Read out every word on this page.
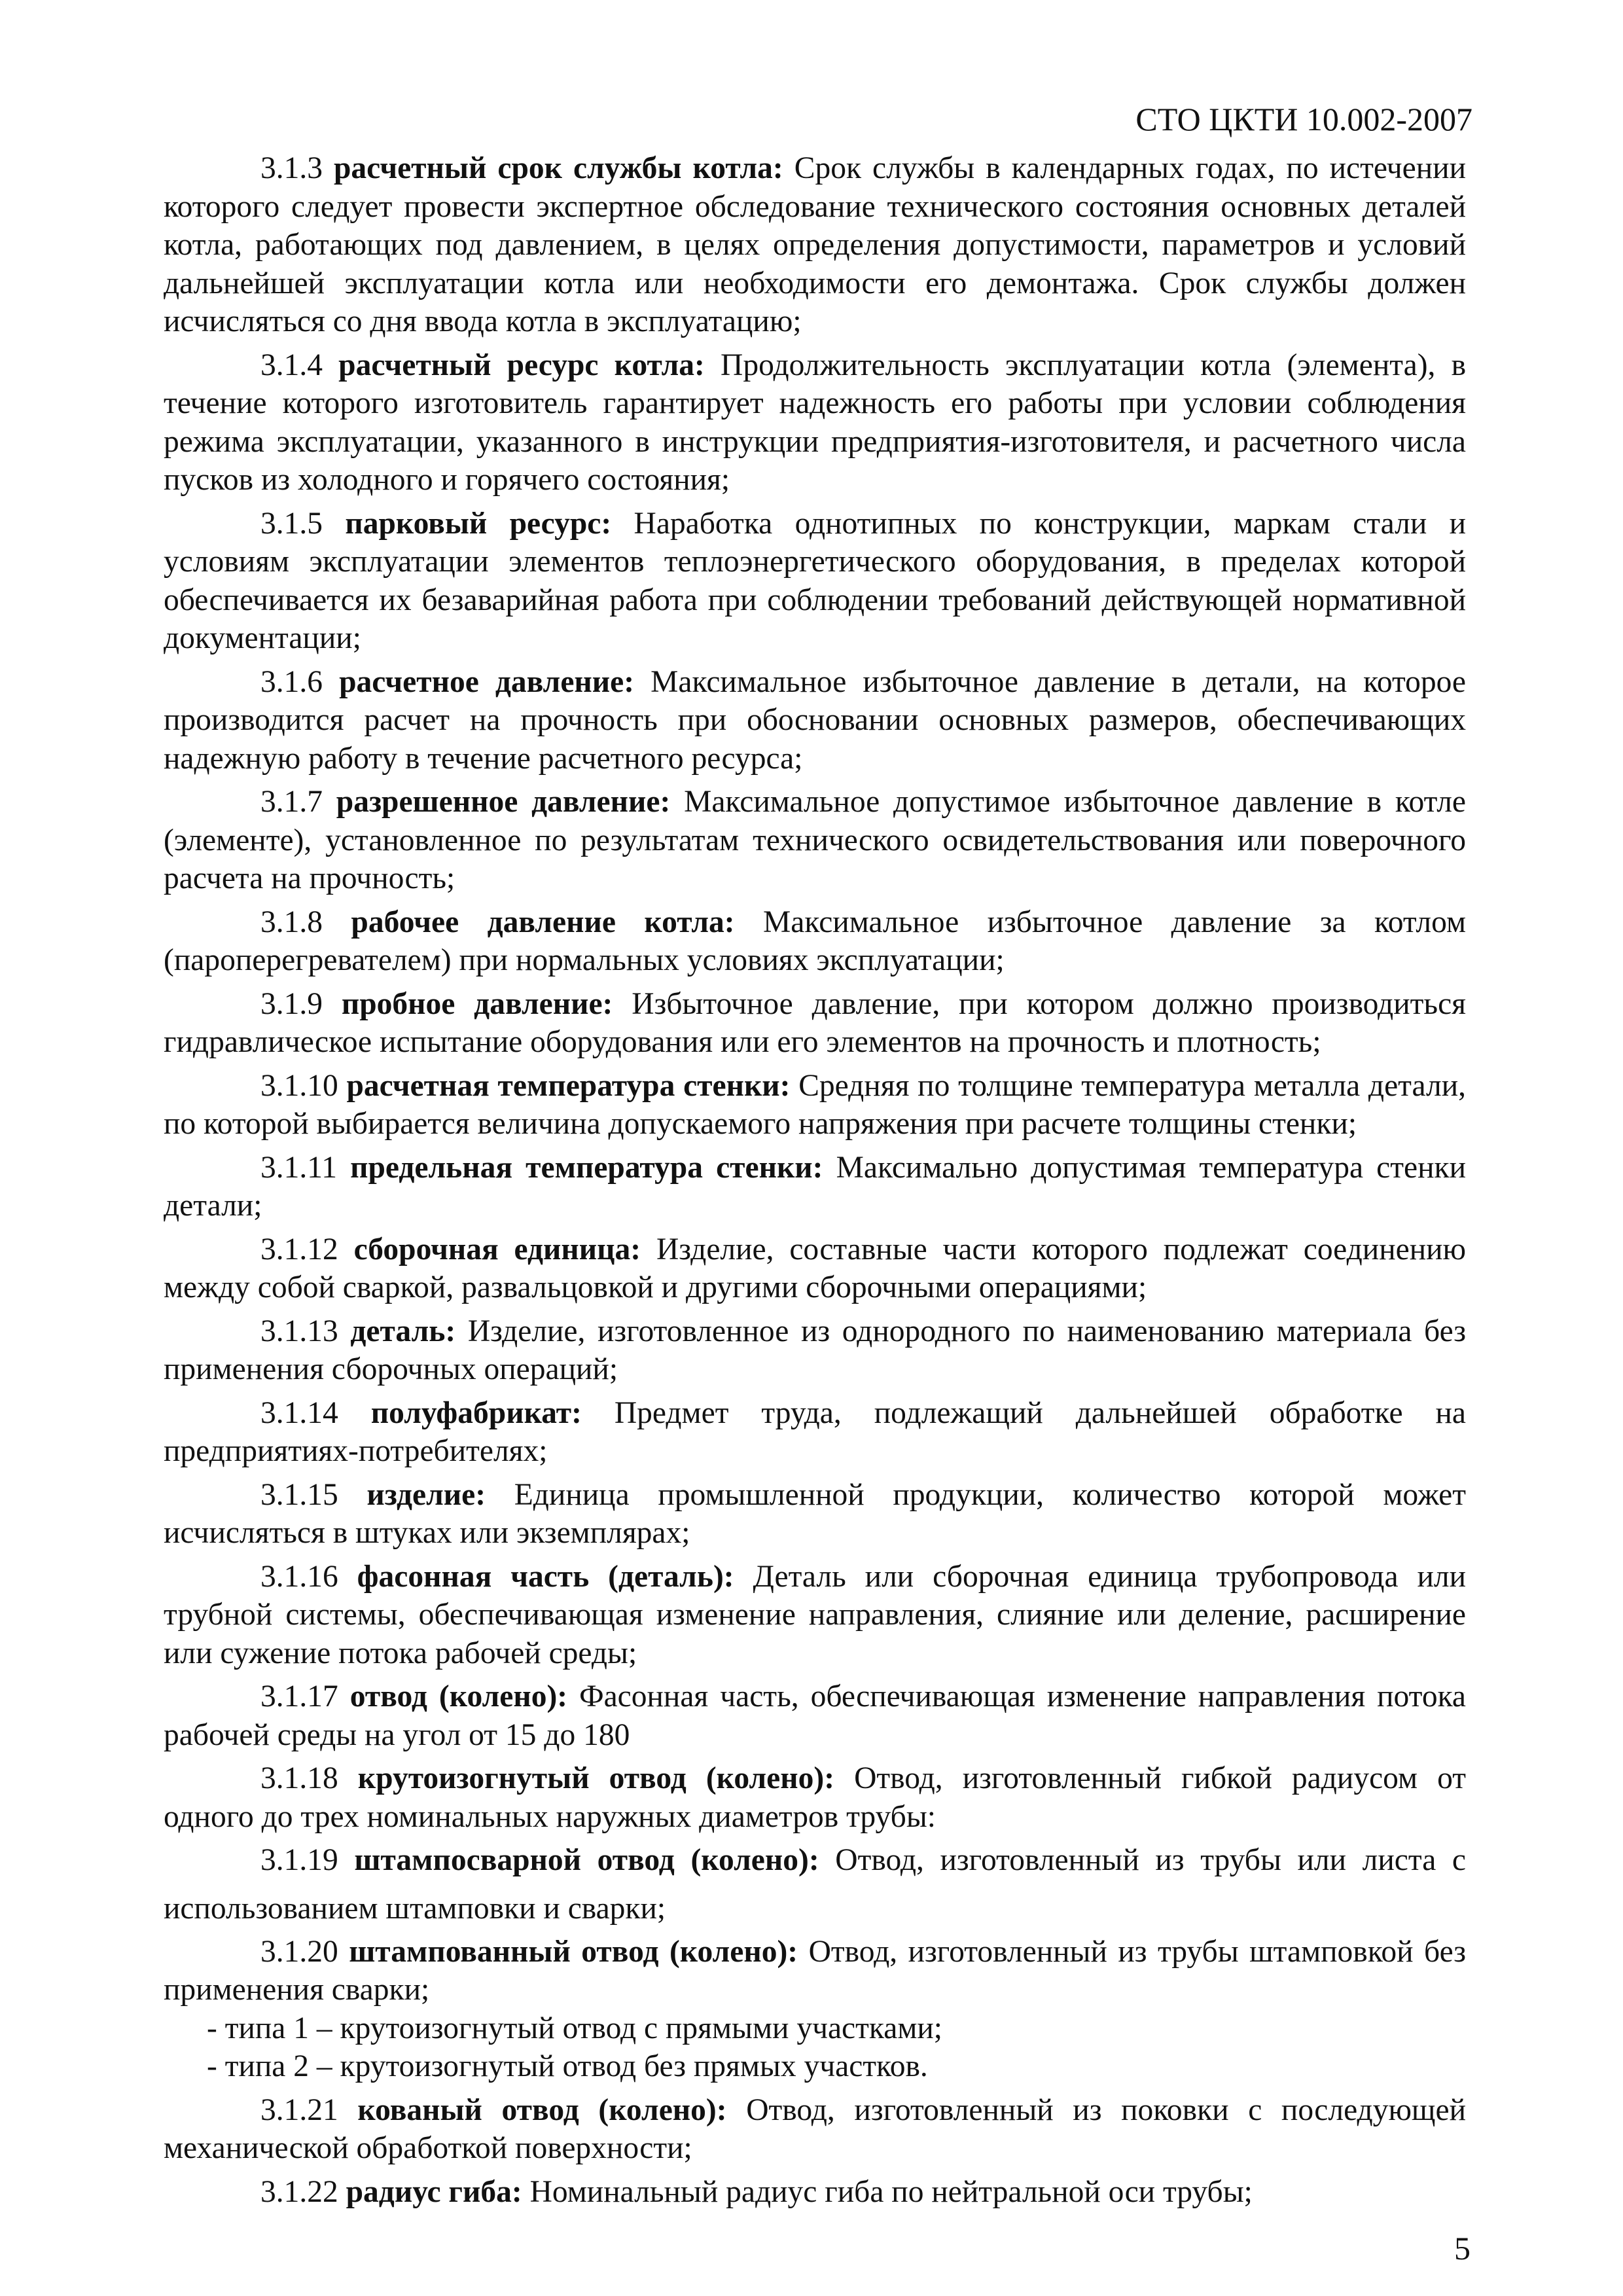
СТО ЦКТИ 10.002-2007

3.1.3 расчетный срок службы котла: Срок службы в календарных годах, по истечении которого следует провести экспертное обследование технического состояния основных деталей котла, работающих под давлением, в целях определения допустимости, параметров и условий дальнейшей эксплуатации котла или необходимости его демонтажа. Срок службы должен исчисляться со дня ввода котла в эксплуатацию;

3.1.4 расчетный ресурс котла: Продолжительность эксплуатации котла (элемента), в течение которого изготовитель гарантирует надежность его работы при условии соблюдения режима эксплуатации, указанного в инструкции предприятия-изготовителя, и расчетного числа пусков из холодного и горячего состояния;

3.1.5 парковый ресурс: Наработка однотипных по конструкции, маркам стали и условиям эксплуатации элементов теплоэнергетического оборудования, в пределах которой обеспечивается их безаварийная работа при соблюдении требований действующей нормативной документации;

3.1.6 расчетное давление: Максимальное избыточное давление в детали, на которое производится расчет на прочность при обосновании основных размеров, обеспечивающих надежную работу в течение расчетного ресурса;

3.1.7 разрешенное давление: Максимальное допустимое избыточное давление в котле (элементе), установленное по результатам технического освидетельствования или поверочного расчета на прочность;

3.1.8 рабочее давление котла: Максимальное избыточное давление за котлом (пароперегревателем) при нормальных условиях эксплуатации;

3.1.9 пробное давление: Избыточное давление, при котором должно производиться гидравлическое испытание оборудования или его элементов на прочность и плотность;

3.1.10 расчетная температура стенки: Средняя по толщине температура металла детали, по которой выбирается величина допускаемого напряжения при расчете толщины стенки;

3.1.11 предельная температура стенки: Максимально допустимая температура стенки детали;

3.1.12 сборочная единица: Изделие, составные части которого подлежат соединению между собой сваркой, развальцовкой и другими сборочными операциями;

3.1.13 деталь: Изделие, изготовленное из однородного по наименованию материала без применения сборочных операций;

3.1.14 полуфабрикат: Предмет труда, подлежащий дальнейшей обработке на предприятиях-потребителях;

3.1.15 изделие: Единица промышленной продукции, количество которой может исчисляться в штуках или экземплярах;

3.1.16 фасонная часть (деталь): Деталь или сборочная единица трубопровода или трубной системы, обеспечивающая изменение направления, слияние или деление, расширение или сужение потока рабочей среды;

3.1.17 отвод (колено): Фасонная часть, обеспечивающая изменение направления потока рабочей среды на угол от 15 до 180

3.1.18 крутоизогнутый отвод (колено): Отвод, изготовленный гибкой радиусом от одного до трех номинальных наружных диаметров трубы:

3.1.19 штампосварной отвод (колено): Отвод, изготовленный из трубы или листа с использованием штамповки и сварки;

3.1.20 штампованный отвод (колено): Отвод, изготовленный из трубы штамповкой без применения сварки;

- типа 1 – крутоизогнутый отвод с прямыми участками;

- типа 2 – крутоизогнутый отвод без прямых участков.

3.1.21 кованый отвод (колено): Отвод, изготовленный из поковки с последующей механической обработкой поверхности;

3.1.22 радиус гиба: Номинальный радиус гиба по нейтральной оси трубы;

5
